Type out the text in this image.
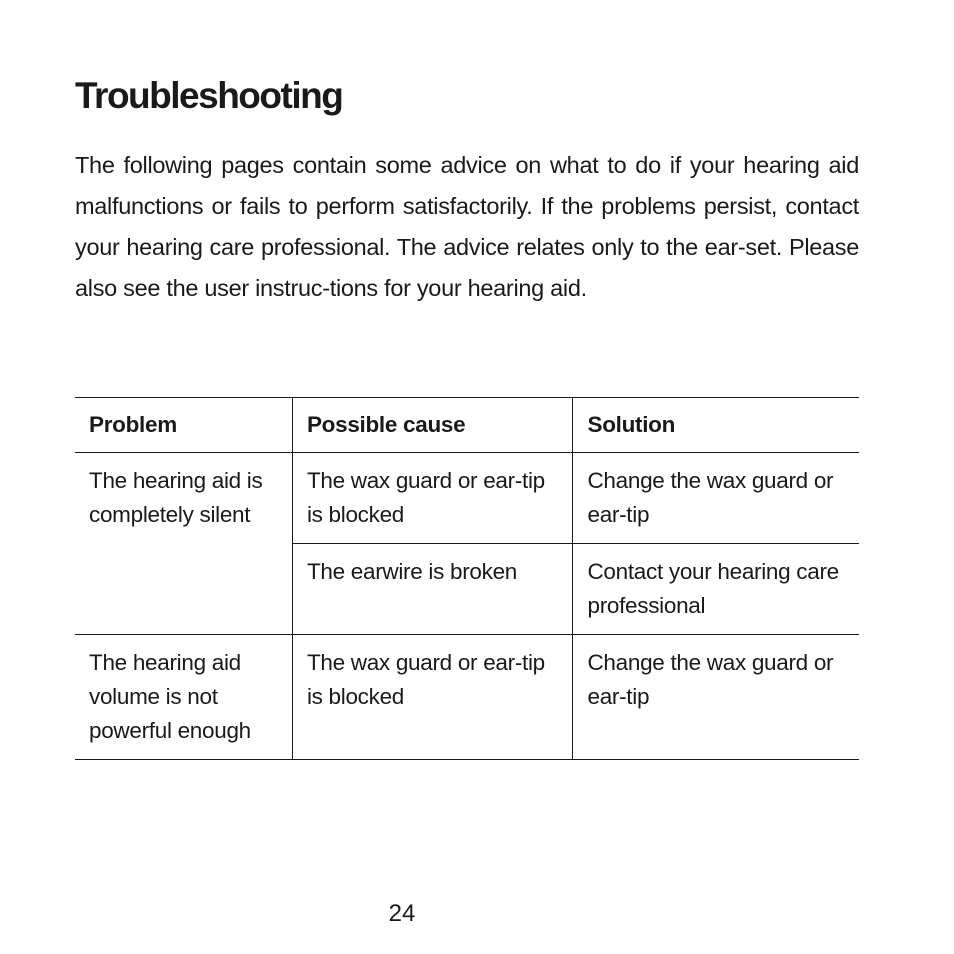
Troubleshooting

The following pages contain some advice on what to do if your hearing aid malfunctions or fails to perform satisfactorily. If the problems persist, contact your hearing care professional. The advice relates only to the ear-set. Please also see the user instruc-tions for your hearing aid.

Problem	Possible cause	Solution
The hearing aid is completely silent	The wax guard or ear-tip is blocked	Change the wax guard or ear-tip
	The earwire is broken	Contact your hearing care professional
The hearing aid volume is not powerful enough	The wax guard or ear-tip is blocked	Change the wax guard or ear-tip
24
